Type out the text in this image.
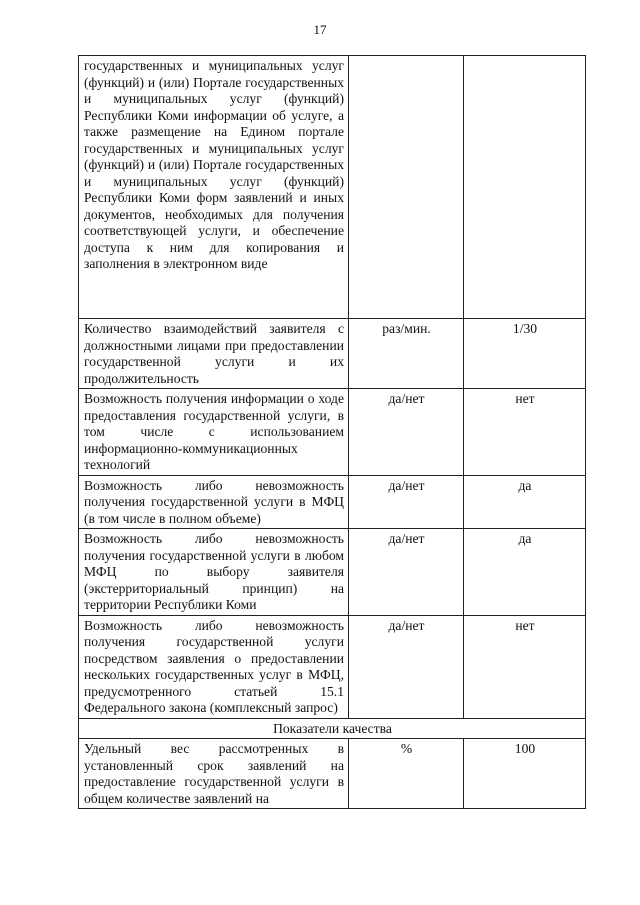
17
государственных и муниципальных услуг (функций) и (или) Портале государственных и муниципальных услуг (функций) Республики Коми информации об услуге, а также размещение на Едином портале государственных и муниципальных услуг (функций) и (или) Портале государственных и муниципальных услуг (функций) Республики Коми форм заявлений и иных документов, необходимых для получения соответствующей услуги, и обеспечение доступа к ним для копирования и заполнения в электронном виде		
Количество взаимодействий заявителя с должностными лицами при предоставлении государственной услуги и их продолжительность	раз/мин.	1/30
Возможность получения информации о ходе предоставления государственной услуги, в том числе с использованием информационно-коммуникационных технологий	да/нет	нет
Возможность либо невозможность получения государственной услуги в МФЦ (в том числе в полном объеме)	да/нет	да
Возможность либо невозможность получения государственной услуги в любом МФЦ по выбору заявителя (экстерриториальный принцип) на территории Республики Коми	да/нет	да
Возможность либо невозможность получения государственной услуги посредством заявления о предоставлении нескольких государственных услуг в МФЦ, предусмотренного статьей 15.1 Федерального закона (комплексный запрос)	да/нет	нет
Показатели качества		
Удельный вес рассмотренных в установленный срок заявлений на предоставление государственной услуги в общем количестве заявлений на	%	100
